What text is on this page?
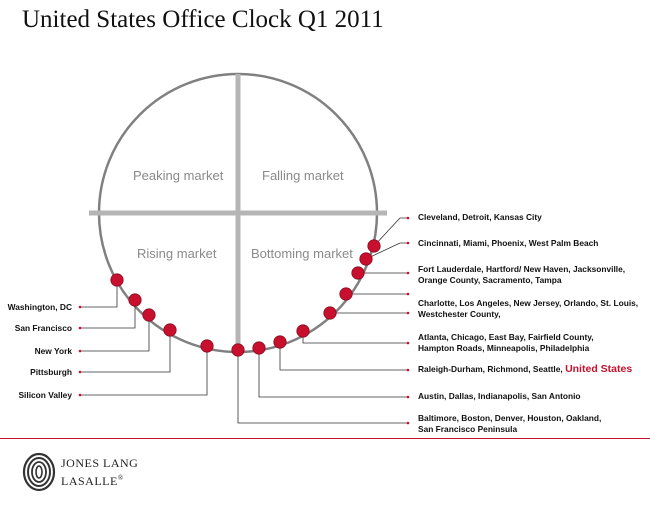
United States Office Clock Q1 2011
Peaking market	Falling market
Rising market	Bottoming market
Cleveland, Detroit, Kansas City
Cincinnati, Miami, Phoenix, West Palm Beach
Fort Lauderdale, Hartford/ New Haven, Jacksonville,
Orange County, Sacramento, Tampa
Charlotte, Los Angeles, New Jersey, Orlando, St. Louis,
Westchester County,
Atlanta, Chicago, East Bay, Fairfield County,
Hampton Roads, Minneapolis, Philadelphia
Raleigh-Durham, Richmond, Seattle, United States
Austin, Dallas, Indianapolis, San Antonio
Baltimore, Boston, Denver, Houston, Oakland,
San Francisco Peninsula
Washington, DC
San Francisco
New York
Pittsburgh
Silicon Valley
JONES LANG
LASALLE®
